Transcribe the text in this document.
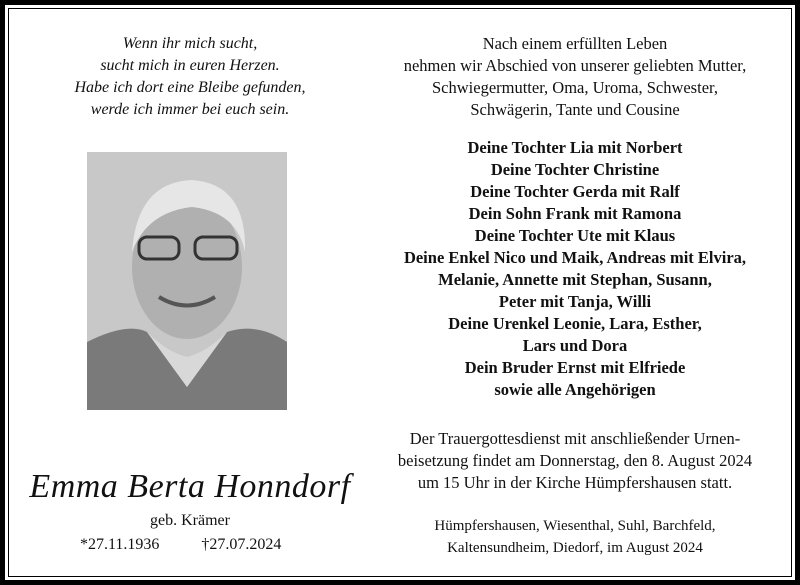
Wenn ihr mich sucht,
sucht mich in euren Herzen.
Habe ich dort eine Bleibe gefunden,
werde ich immer bei euch sein.
Emma Berta Honndorf
geb. Krämer
*27.11.1936	†27.07.2024
Nach einem erfüllten Leben
nehmen wir Abschied von unserer geliebten Mutter,
Schwiegermutter, Oma, Uroma, Schwester,
Schwägerin, Tante und Cousine
Deine Tochter Lia mit Norbert
Deine Tochter Christine
Deine Tochter Gerda mit Ralf
Dein Sohn Frank mit Ramona
Deine Tochter Ute mit Klaus
Deine Enkel Nico und Maik, Andreas mit Elvira,
Melanie, Annette mit Stephan, Susann,
Peter mit Tanja, Willi
Deine Urenkel Leonie, Lara, Esther,
Lars und Dora
Dein Bruder Ernst mit Elfriede
sowie alle Angehörigen
Der Trauergottesdienst mit anschließender Urnen-
beisetzung findet am Donnerstag, den 8. August 2024
um 15 Uhr in der Kirche Hümpfershausen statt.
Hümpfershausen, Wiesenthal, Suhl, Barchfeld,
Kaltensundheim, Diedorf, im August 2024
